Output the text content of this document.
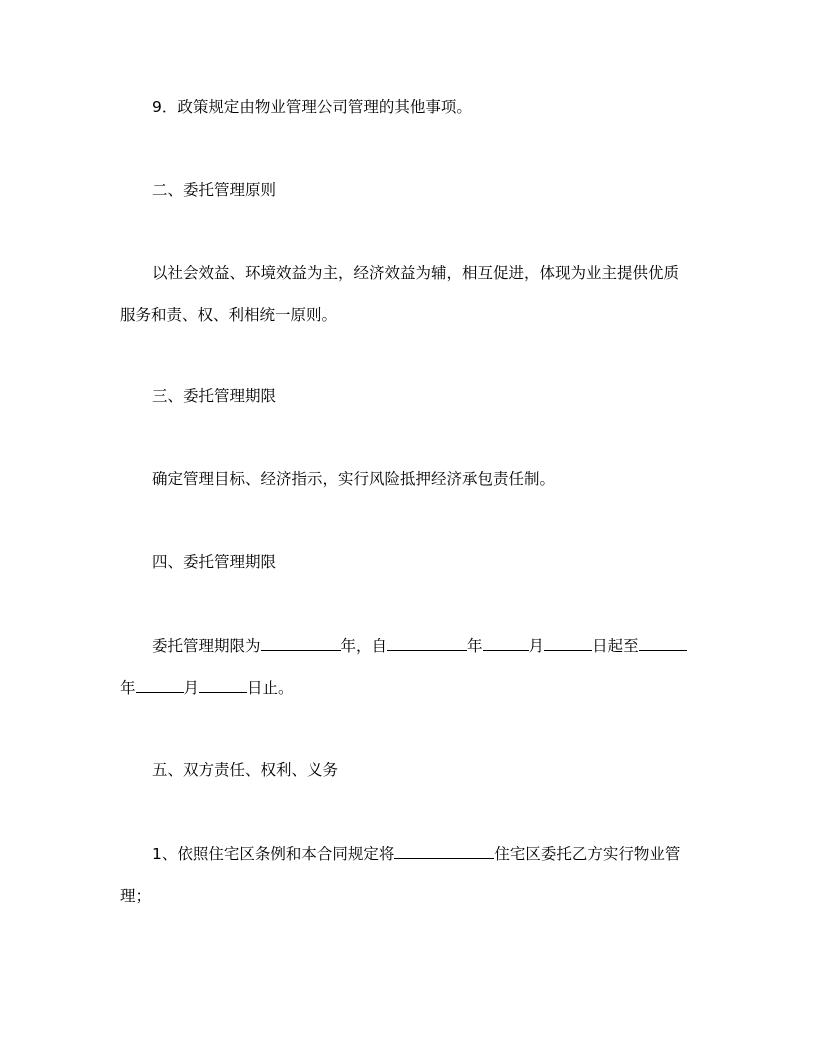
9．政策规定由物业管理公司管理的其他事项。
二、委托管理原则
以社会效益、环境效益为主，经济效益为辅，相互促进，体现为业主提供优质
服务和责、权、利相统一原则。
三、委托管理期限
确定管理目标、经济指示，实行风险抵押经济承包责任制。
四、委托管理期限
委托管理期限为	年，自	年	月	日起至
年	月	日止。
五、双方责任、权利、义务
1、依照住宅区条例和本合同规定将	住宅区委托乙方实行物业管
理；
